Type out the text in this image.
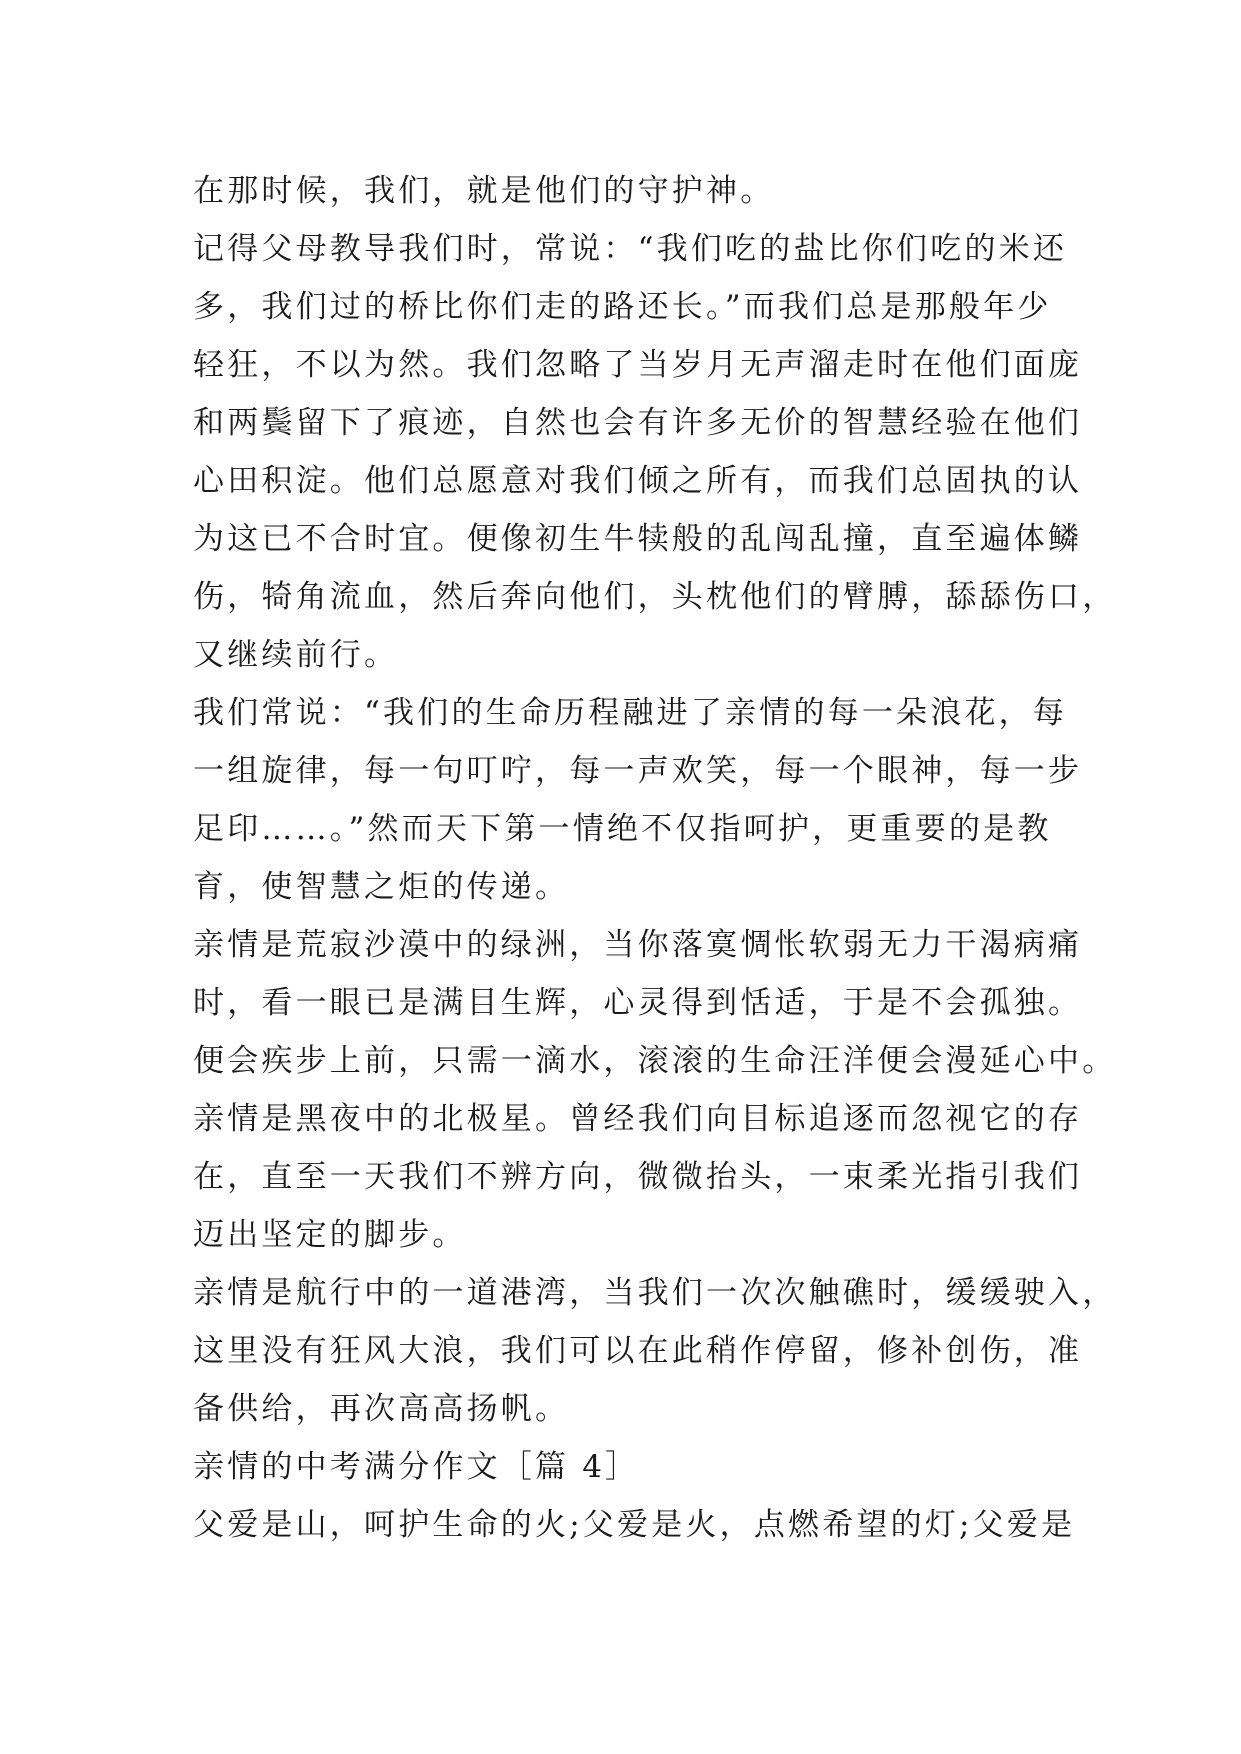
在那时候，我们，就是他们的守护神。
记得父母教导我们时，常说：“我们吃的盐比你们吃的米还
多，我们过的桥比你们走的路还长。”而我们总是那般年少
轻狂，不以为然。我们忽略了当岁月无声溜走时在他们面庞
和两鬓留下了痕迹，自然也会有许多无价的智慧经验在他们
心田积淀。他们总愿意对我们倾之所有，而我们总固执的认
为这已不合时宜。便像初生牛犊般的乱闯乱撞，直至遍体鳞
伤，犄角流血，然后奔向他们，头枕他们的臂膊，舔舔伤口，
又继续前行。
我们常说：“我们的生命历程融进了亲情的每一朵浪花，每
一组旋律，每一句叮咛，每一声欢笑，每一个眼神，每一步
足印……。”然而天下第一情绝不仅指呵护，更重要的是教
育，使智慧之炬的传递。
亲情是荒寂沙漠中的绿洲，当你落寞惆怅软弱无力干渴病痛
时，看一眼已是满目生辉，心灵得到恬适，于是不会孤独。
便会疾步上前，只需一滴水，滚滚的生命汪洋便会漫延心中。
亲情是黑夜中的北极星。曾经我们向目标追逐而忽视它的存
在，直至一天我们不辨方向，微微抬头，一束柔光指引我们
迈出坚定的脚步。
亲情是航行中的一道港湾，当我们一次次触礁时，缓缓驶入，
这里没有狂风大浪，我们可以在此稍作停留，修补创伤，准
备供给，再次高高扬帆。
亲情的中考满分作文［篇 4］
父爱是山，呵护生命的火;父爱是火，点燃希望的灯;父爱是
